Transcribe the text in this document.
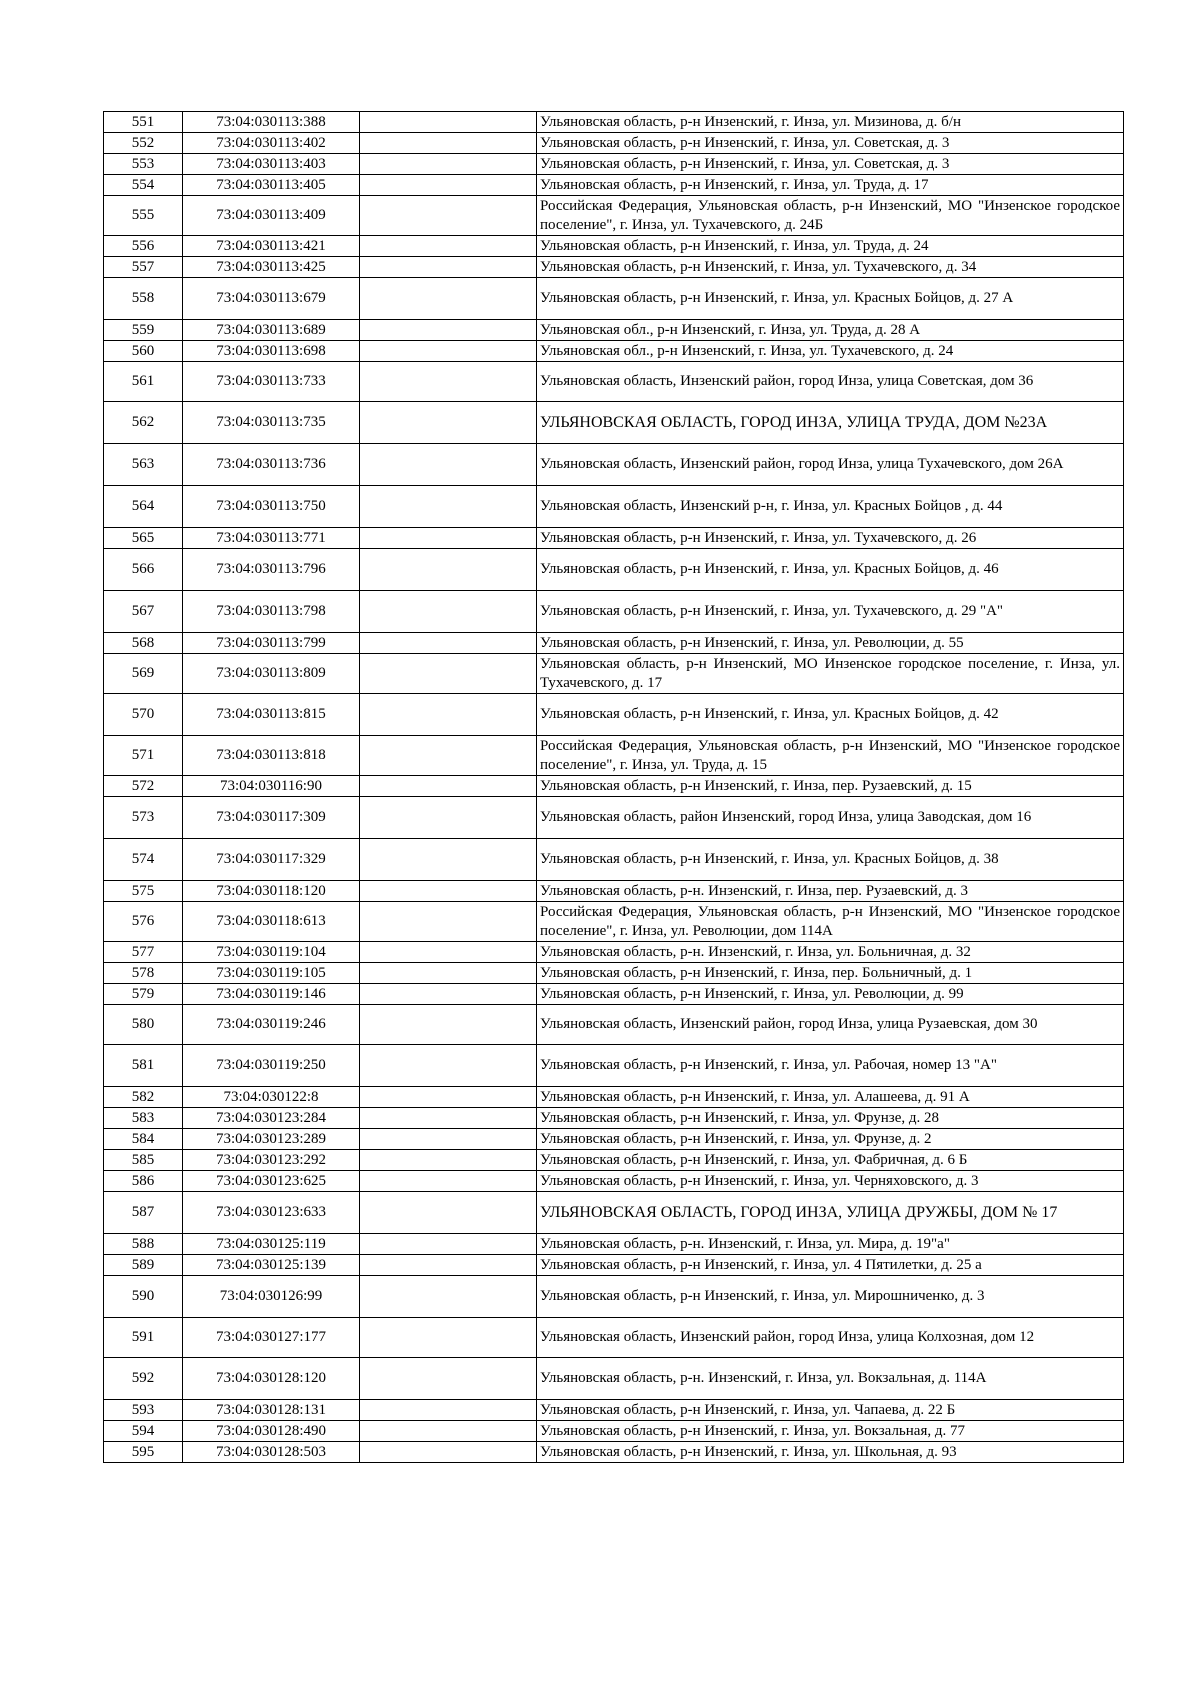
551	73:04:030113:388		Ульяновская область, р-н Инзенский, г. Инза, ул. Мизинова, д. б/н
552	73:04:030113:402		Ульяновская область, р-н Инзенский, г. Инза, ул. Советская, д. 3
553	73:04:030113:403		Ульяновская область, р-н Инзенский, г. Инза, ул. Советская, д. 3
554	73:04:030113:405		Ульяновская область, р-н Инзенский, г. Инза, ул. Труда, д. 17
555	73:04:030113:409		Российская Федерация, Ульяновская область, р-н Инзенский, МО "Инзенское городское поселение", г. Инза, ул. Тухачевского, д. 24Б
556	73:04:030113:421		Ульяновская область, р-н Инзенский, г. Инза, ул. Труда, д. 24
557	73:04:030113:425		Ульяновская область, р-н Инзенский, г. Инза, ул. Тухачевского, д. 34
558	73:04:030113:679		Ульяновская область, р-н Инзенский, г. Инза, ул. Красных Бойцов, д. 27 А
559	73:04:030113:689		Ульяновская обл., р-н Инзенский, г. Инза, ул. Труда, д. 28 А
560	73:04:030113:698		Ульяновская обл., р-н Инзенский, г. Инза, ул. Тухачевского, д. 24
561	73:04:030113:733		Ульяновская область, Инзенский район, город Инза, улица Советская, дом 36
562	73:04:030113:735		УЛЬЯНОВСКАЯ ОБЛАСТЬ, ГОРОД ИНЗА, УЛИЦА ТРУДА, ДОМ №23А
563	73:04:030113:736		Ульяновская область, Инзенский район, город Инза, улица Тухачевского, дом 26А
564	73:04:030113:750		Ульяновская область, Инзенский р-н, г. Инза, ул. Красных Бойцов , д. 44
565	73:04:030113:771		Ульяновская область, р-н Инзенский, г. Инза, ул. Тухачевского, д. 26
566	73:04:030113:796		Ульяновская область, р-н Инзенский, г. Инза, ул. Красных Бойцов, д. 46
567	73:04:030113:798		Ульяновская область, р-н Инзенский, г. Инза, ул. Тухачевского, д. 29 "А"
568	73:04:030113:799		Ульяновская область, р-н Инзенский, г. Инза, ул. Революции, д. 55
569	73:04:030113:809		Ульяновская область, р-н Инзенский, МО Инзенское городское поселение, г. Инза, ул. Тухачевского, д. 17
570	73:04:030113:815		Ульяновская область, р-н Инзенский, г. Инза, ул. Красных Бойцов, д. 42
571	73:04:030113:818		Российская Федерация, Ульяновская область, р-н Инзенский, МО "Инзенское городское поселение", г. Инза, ул. Труда, д. 15
572	73:04:030116:90		Ульяновская область, р-н Инзенский, г. Инза, пер. Рузаевский, д. 15
573	73:04:030117:309		Ульяновская область, район Инзенский, город Инза, улица Заводская, дом 16
574	73:04:030117:329		Ульяновская область, р-н Инзенский, г. Инза, ул. Красных Бойцов, д. 38
575	73:04:030118:120		Ульяновская область, р-н. Инзенский, г. Инза, пер. Рузаевский, д. 3
576	73:04:030118:613		Российская Федерация, Ульяновская область, р-н Инзенский, МО "Инзенское городское поселение", г. Инза, ул. Революции, дом 114А
577	73:04:030119:104		Ульяновская область, р-н. Инзенский, г. Инза, ул. Больничная, д. 32
578	73:04:030119:105		Ульяновская область, р-н Инзенский, г. Инза, пер. Больничный, д. 1
579	73:04:030119:146		Ульяновская область, р-н Инзенский, г. Инза, ул. Революции, д. 99
580	73:04:030119:246		Ульяновская область, Инзенский район, город Инза, улица Рузаевская, дом 30
581	73:04:030119:250		Ульяновская область, р-н Инзенский, г. Инза, ул. Рабочая, номер 13 "А"
582	73:04:030122:8		Ульяновская область, р-н Инзенский, г. Инза, ул. Алашеева, д. 91 А
583	73:04:030123:284		Ульяновская область, р-н Инзенский, г. Инза, ул. Фрунзе, д. 28
584	73:04:030123:289		Ульяновская область, р-н Инзенский, г. Инза, ул. Фрунзе, д. 2
585	73:04:030123:292		Ульяновская область, р-н Инзенский, г. Инза, ул. Фабричная, д. 6 Б
586	73:04:030123:625		Ульяновская область, р-н Инзенский, г. Инза, ул. Черняховского, д. 3
587	73:04:030123:633		УЛЬЯНОВСКАЯ ОБЛАСТЬ, ГОРОД ИНЗА, УЛИЦА ДРУЖБЫ, ДОМ № 17
588	73:04:030125:119		Ульяновская область, р-н. Инзенский, г. Инза, ул. Мира, д. 19"а"
589	73:04:030125:139		Ульяновская область, р-н Инзенский, г. Инза, ул. 4 Пятилетки, д. 25 а
590	73:04:030126:99		Ульяновская область, р-н Инзенский, г. Инза, ул. Мирошниченко, д. 3
591	73:04:030127:177		Ульяновская область, Инзенский район, город Инза, улица Колхозная, дом 12
592	73:04:030128:120		Ульяновская область, р-н. Инзенский, г. Инза, ул. Вокзальная, д. 114А
593	73:04:030128:131		Ульяновская область, р-н Инзенский, г. Инза, ул. Чапаева, д. 22 Б
594	73:04:030128:490		Ульяновская область, р-н Инзенский, г. Инза, ул. Вокзальная, д. 77
595	73:04:030128:503		Ульяновская область, р-н Инзенский, г. Инза, ул. Школьная, д. 93
